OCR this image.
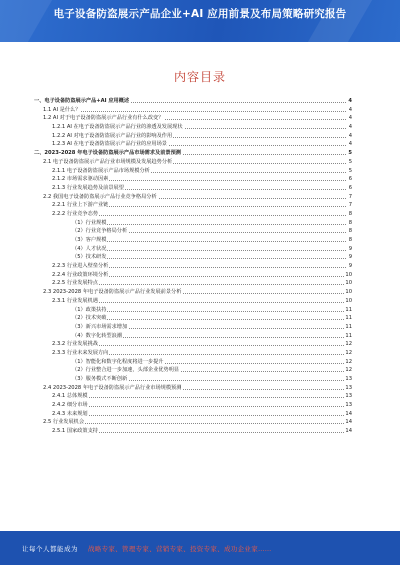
电子设备防盗展示产品企业+AI 应用前景及布局策略研究报告
内容目录
一、电子设备防盗展示产品+AI 应用概述	4
1.1 AI 是什么？	4
1.2 AI 对于电子设备防盗展示产品行业有什么改变？	4
1.2.1 AI 在电子设备防盗展示产品行业的渗透及发展现状	4
1.2.2 AI 对电子设备防盗展示产品行业的影响及作用	4
1.2.3 AI 在电子设备防盗展示产品行业的应用场景	4
二、2023-2028 年电子设备防盗展示产品市场需求及前景预测	5
2.1 电子设备防盗展示产品行业市场规模及发展趋势分析	5
2.1.1 电子设备防盗展示产品市场规模分析	5
2.1.2 市场需求驱动因素	6
2.1.3 行业发展趋势及前景展望	6
2.2 我国电子设备防盗展示产品行业竞争格局分析	7
2.2.1 行业上下游产业链	7
2.2.2 行业竞争态势	8
（1）行业规模	8
（2）行业竞争格局分析	8
（3）客户规模	8
（4）人才状况	9
（5）技术研发	9
2.2.3 行业进入壁垒分析	9
2.2.4 行业政策环境分析	10
2.2.5 行业发展特点	10
2.3 2023-2028 年电子设备防盗展示产品行业发展前景分析	10
2.3.1 行业发展机遇	10
（1）政策扶持	11
（2）技术突破	11
（3）新兴市场需求增加	11
（4）数字化转型浪潮	11
2.3.2 行业发展挑战	12
2.3.3 行业未来发展方向	12
（1）智能化和数字化程度将进一步提升	12
（2）行业整合进一步加速，头部企业优势明显	12
（3）服务模式不断创新	13
2.4 2023-2028 年电子设备防盗展示产品行业市场规模预测	13
2.4.1 总体规模	13
2.4.2 细分市场	13
2.4.3 未来规划	14
2.5 行业发展机会	14
2.5.1 国家政策支持	14
让每个人都能成为 战略专家、管理专家、营销专家、投资专家、成功企业家……
